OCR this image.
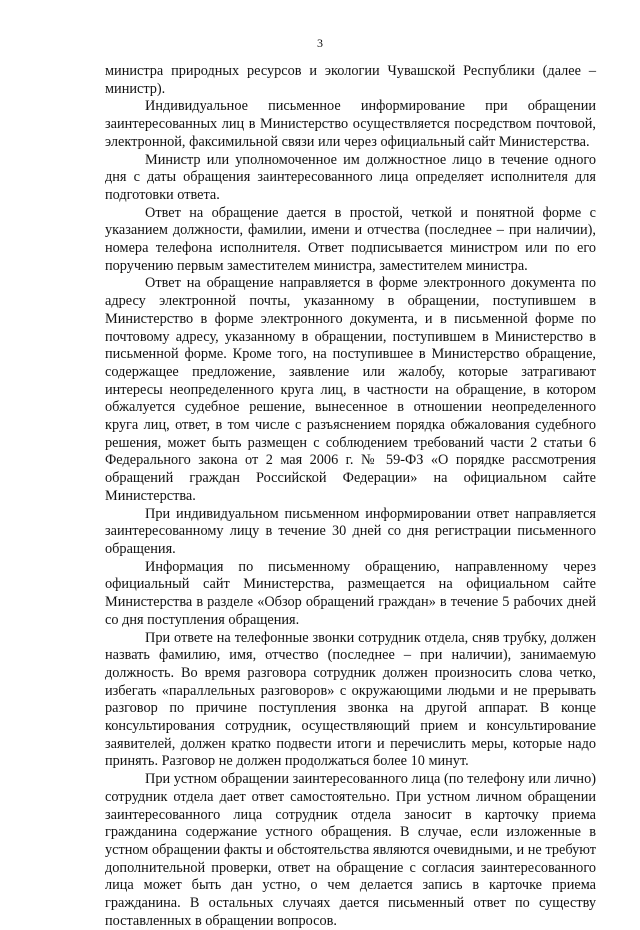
3

министра природных ресурсов и экологии Чувашской Республики (далее – министр).

Индивидуальное письменное информирование при обращении заинтересованных лиц в Министерство осуществляется посредством почтовой, электронной, факсимильной связи или через официальный сайт Министерства.

Министр или уполномоченное им должностное лицо в течение одного дня с даты обращения заинтересованного лица определяет исполнителя для подготовки ответа.

Ответ на обращение дается в простой, четкой и понятной форме с указанием должности, фамилии, имени и отчества (последнее – при наличии), номера телефона исполнителя. Ответ подписывается министром или по его поручению первым заместителем министра, заместителем министра.

Ответ на обращение направляется в форме электронного документа по адресу электронной почты, указанному в обращении, поступившем в Министерство в форме электронного документа, и в письменной форме по почтовому адресу, указанному в обращении, поступившем в Министерство в письменной форме. Кроме того, на поступившее в Министерство обращение, содержащее предложение, заявление или жалобу, которые затрагивают интересы неопределенного круга лиц, в частности на обращение, в котором обжалуется судебное решение, вынесенное в отношении неопределенного круга лиц, ответ, в том числе с разъяснением порядка обжалования судебного решения, может быть размещен с соблюдением требований части 2 статьи 6 Федерального закона от 2 мая 2006 г. № 59-ФЗ «О порядке рассмотрения обращений граждан Российской Федерации» на официальном сайте Министерства.

При индивидуальном письменном информировании ответ направляется заинтересованному лицу в течение 30 дней со дня регистрации письменного обращения.

Информация по письменному обращению, направленному через официальный сайт Министерства, размещается на официальном сайте Министерства в разделе «Обзор обращений граждан» в течение 5 рабочих дней со дня поступления обращения.

При ответе на телефонные звонки сотрудник отдела, сняв трубку, должен назвать фамилию, имя, отчество (последнее – при наличии), занимаемую должность. Во время разговора сотрудник должен произносить слова четко, избегать «параллельных разговоров» с окружающими людьми и не прерывать разговор по причине поступления звонка на другой аппарат. В конце консультирования сотрудник, осуществляющий прием и консультирование заявителей, должен кратко подвести итоги и перечислить меры, которые надо принять. Разговор не должен продолжаться более 10 минут.

При устном обращении заинтересованного лица (по телефону или лично) сотрудник отдела дает ответ самостоятельно. При устном личном обращении заинтересованного лица сотрудник отдела заносит в карточку приема гражданина содержание устного обращения. В случае, если изложенные в устном обращении факты и обстоятельства являются очевидными, и не требуют дополнительной проверки, ответ на обращение с согласия заинтересованного лица может быть дан устно, о чем делается запись в карточке приема гражданина. В остальных случаях дается письменный ответ по существу поставленных в обращении вопросов.
